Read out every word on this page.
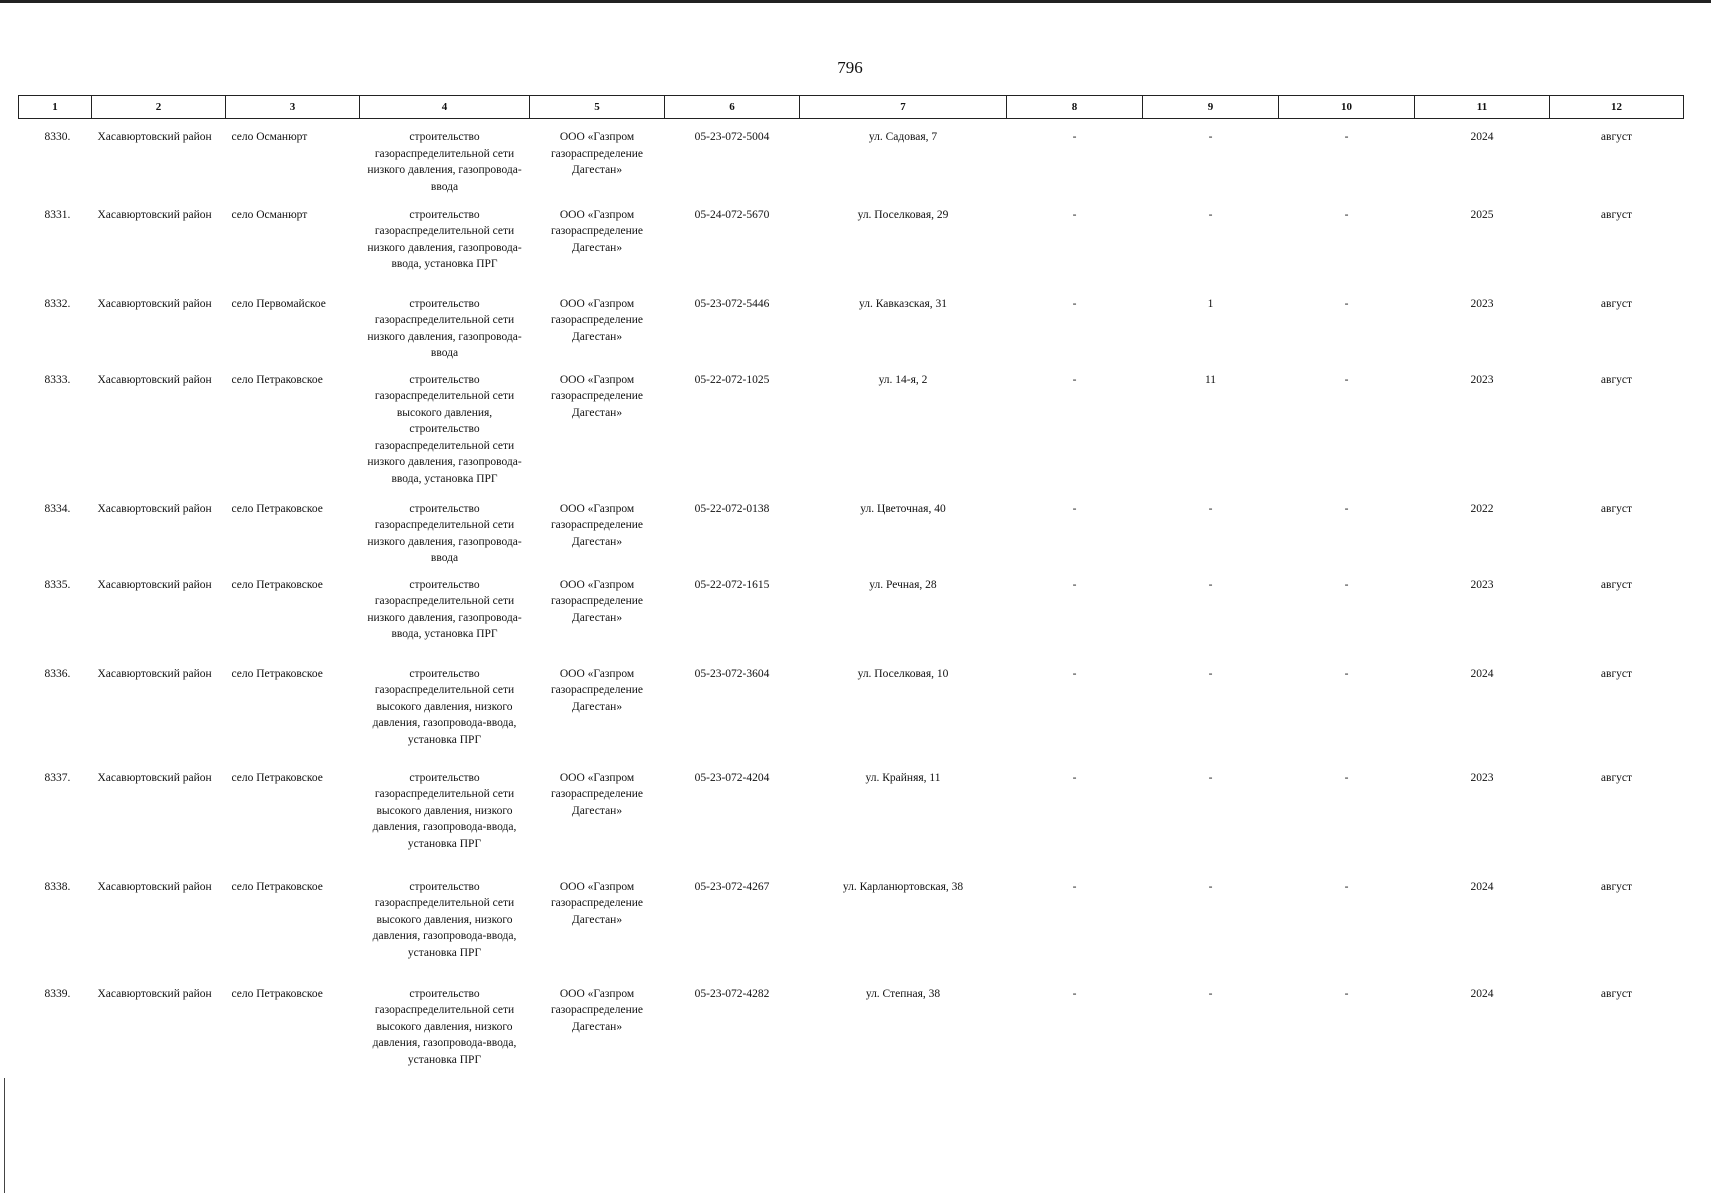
796
1	2	3	4	5	6	7	8	9	10	11	12
8330.	Хасавюртовский район	село Османюрт	строительство газораспределительной сети низкого давления, газопровода-ввода	ООО «Газпром газораспределение Дагестан»	05-23-072-5004	ул. Садовая, 7	-	-	-	2024	август
8331.	Хасавюртовский район	село Османюрт	строительство газораспределительной сети низкого давления, газопровода-ввода, установка ПРГ	ООО «Газпром газораспределение Дагестан»	05-24-072-5670	ул. Поселковая, 29	-	-	-	2025	август
8332.	Хасавюртовский район	село Первомайское	строительство газораспределительной сети низкого давления, газопровода-ввода	ООО «Газпром газораспределение Дагестан»	05-23-072-5446	ул. Кавказская, 31	-	1	-	2023	август
8333.	Хасавюртовский район	село Петраковское	строительство газораспределительной сети высокого давления, строительство газораспределительной сети низкого давления, газопровода-ввода, установка ПРГ	ООО «Газпром газораспределение Дагестан»	05-22-072-1025	ул. 14-я, 2	-	11	-	2023	август
8334.	Хасавюртовский район	село Петраковское	строительство газораспределительной сети низкого давления, газопровода-ввода	ООО «Газпром газораспределение Дагестан»	05-22-072-0138	ул. Цветочная, 40	-	-	-	2022	август
8335.	Хасавюртовский район	село Петраковское	строительство газораспределительной сети низкого давления, газопровода-ввода, установка ПРГ	ООО «Газпром газораспределение Дагестан»	05-22-072-1615	ул. Речная, 28	-	-	-	2023	август
8336.	Хасавюртовский район	село Петраковское	строительство газораспределительной сети высокого давления, низкого давления, газопровода-ввода, установка ПРГ	ООО «Газпром газораспределение Дагестан»	05-23-072-3604	ул. Поселковая, 10	-	-	-	2024	август
8337.	Хасавюртовский район	село Петраковское	строительство газораспределительной сети высокого давления, низкого давления, газопровода-ввода, установка ПРГ	ООО «Газпром газораспределение Дагестан»	05-23-072-4204	ул. Крайняя, 11	-	-	-	2023	август
8338.	Хасавюртовский район	село Петраковское	строительство газораспределительной сети высокого давления, низкого давления, газопровода-ввода, установка ПРГ	ООО «Газпром газораспределение Дагестан»	05-23-072-4267	ул. Карланюртовская, 38	-	-	-	2024	август
8339.	Хасавюртовский район	село Петраковское	строительство газораспределительной сети высокого давления, низкого давления, газопровода-ввода, установка ПРГ	ООО «Газпром газораспределение Дагестан»	05-23-072-4282	ул. Степная, 38	-	-	-	2024	август
